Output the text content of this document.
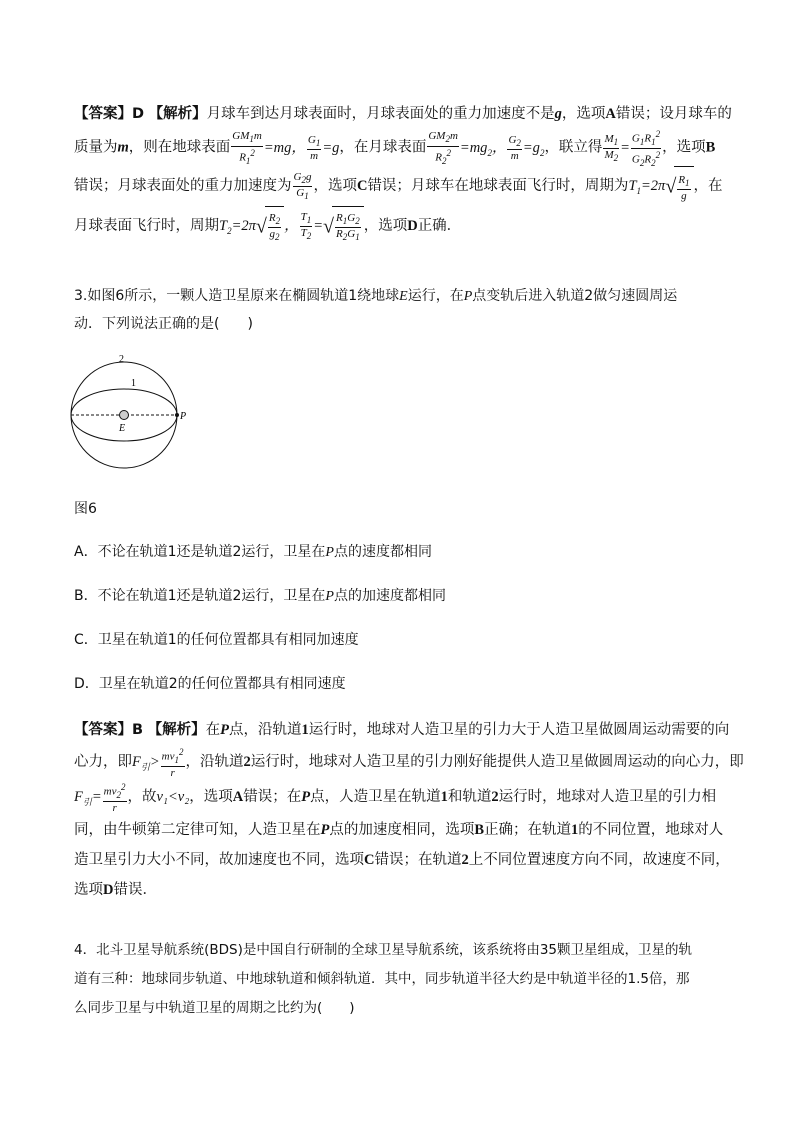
【答案】D 【解析】月球车到达月球表面时，月球表面处的重力加速度不是g，选项A错误；设月球车的

质量为m，则在地球表面 $\frac{GM_1m}{R_1^2} =mg$， $\frac{G_1}{m} =g$，在月球表面 $\frac{GM_2m}{R_2^2} =mg_2$， $\frac{G_2}{m} =g_2$，联立得 $\frac{M_1}{M_2} = \frac{G_1R_1^2}{G_2R_2^2}$ ，选项B

错误；月球表面处的重力加速度为 $\frac{G_2g}{G_1}$ ，选项C错误；月球车在地球表面飞行时，周期为$T_1=2\pi√ \frac{R_1}{g}$ ，在

月球表面飞行时，周期$T_2=2\pi√ \frac{R_2}{g_2}$ ， $\frac{T_1}{T_2}$ =√ $\frac{R_1G_2}{R_2G_1}$ ，选项D正确．

3.如图6所示，一颗人造卫星原来在椭圆轨道1绕地球E运行，在P点变轨后进入轨道2做匀速圆周运

动．下列说法正确的是(　　)

2
1
E
P
图6
A．不论在轨道1还是轨道2运行，卫星在P点的速度都相同
B．不论在轨道1还是轨道2运行，卫星在P点的加速度都相同
C．卫星在轨道1的任何位置都具有相同加速度
D．卫星在轨道2的任何位置都具有相同速度

【答案】B 【解析】在P点，沿轨道1运行时，地球对人造卫星的引力大于人造卫星做圆周运动需要的向

心力，即$F_引> \frac{mv_1^2}{r}$ ，沿轨道2运行时，地球对人造卫星的引力刚好能提供人造卫星做圆周运动的向心力，即

$F_引= \frac{mv_2^2}{r}$ ，故v₁<v₂，选项A错误；在P点，人造卫星在轨道1和轨道2运行时，地球对人造卫星的引力相

同，由牛顿第二定律可知，人造卫星在P点的加速度相同，选项B正确；在轨道1的不同位置，地球对人

造卫星引力大小不同，故加速度也不同，选项C错误；在轨道2上不同位置速度方向不同，故速度不同，

选项D错误．

4．北斗卫星导航系统(BDS)是中国自行研制的全球卫星导航系统，该系统将由35颗卫星组成，卫星的轨

道有三种：地球同步轨道、中地球轨道和倾斜轨道．其中，同步轨道半径大约是中轨道半径的1.5倍，那

么同步卫星与中轨道卫星的周期之比约为(　　)
